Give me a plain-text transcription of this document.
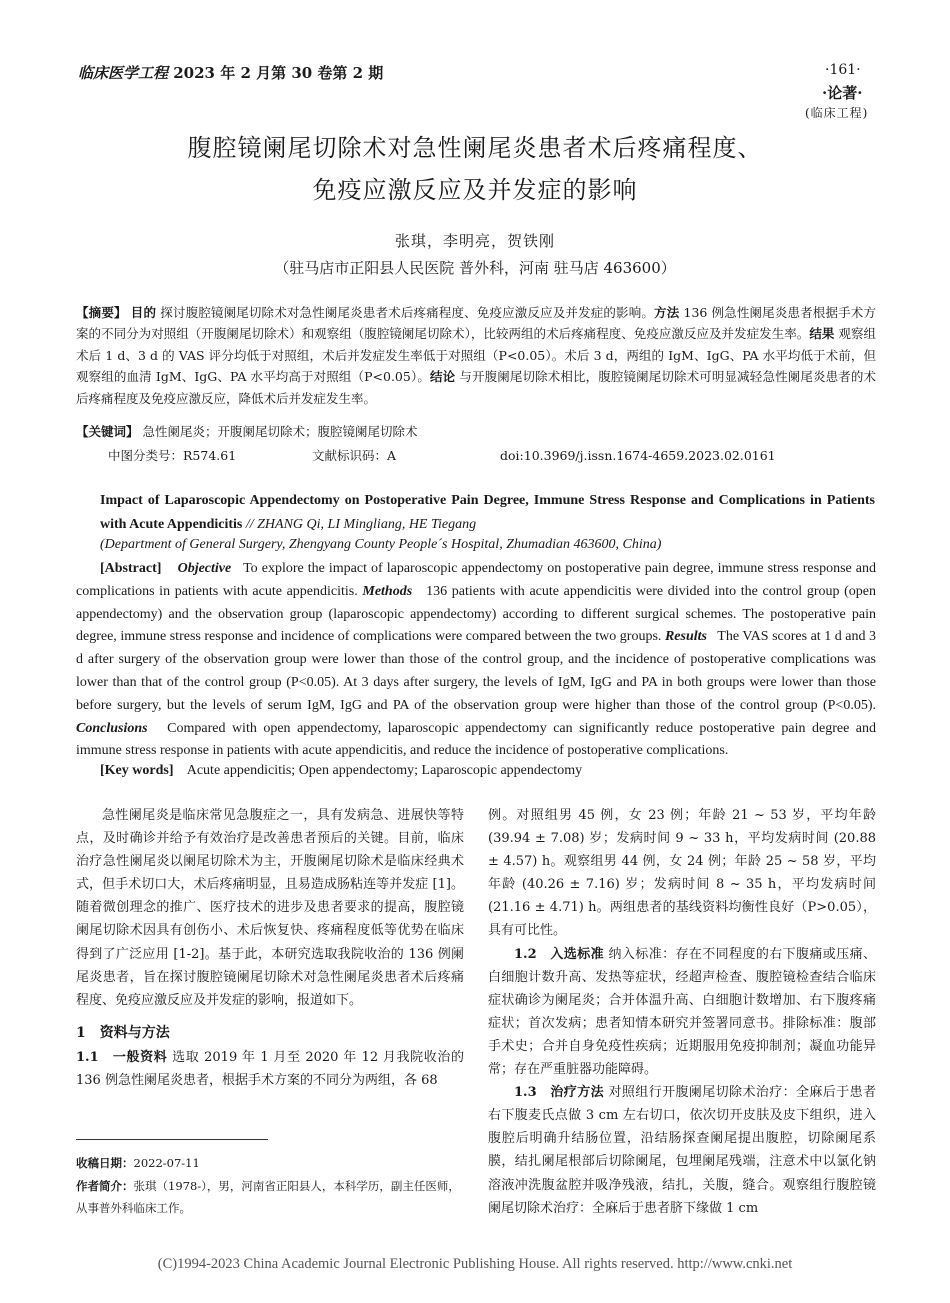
临床医学工程 2023 年 2 月第 30 卷第 2 期	·161·
·论著·
(临床工程)
腹腔镜阑尾切除术对急性阑尾炎患者术后疼痛程度、
免疫应激反应及并发症的影响
张琪，李明亮，贺铁刚
（驻马店市正阳县人民医院 普外科，河南 驻马店 463600）
【摘要】 目的 探讨腹腔镜阑尾切除术对急性阑尾炎患者术后疼痛程度、免疫应激反应及并发症的影响。方法 136 例急性阑尾炎患者根据手术方案的不同分为对照组（开腹阑尾切除术）和观察组（腹腔镜阑尾切除术），比较两组的术后疼痛程度、免疫应激反应及并发症发生率。结果 观察组术后 1 d、3 d 的 VAS 评分均低于对照组，术后并发症发生率低于对照组（P<0.05）。术后 3 d，两组的 IgM、IgG、PA 水平均低于术前，但观察组的血清 IgM、IgG、PA 水平均高于对照组（P<0.05）。结论 与开腹阑尾切除术相比，腹腔镜阑尾切除术可明显减轻急性阑尾炎患者的术后疼痛程度及免疫应激反应，降低术后并发症发生率。
【关键词】 急性阑尾炎；开腹阑尾切除术；腹腔镜阑尾切除术
中图分类号：R574.61	文献标识码：A	doi:10.3969/j.issn.1674-4659.2023.02.0161
Impact of Laparoscopic Appendectomy on Postoperative Pain Degree, Immune Stress Response and Complications in Patients with Acute Appendicitis // ZHANG Qi, LI Mingliang, HE Tiegang
(Department of General Surgery, Zhengyang County People´s Hospital, Zhumadian 463600, China)
[Abstract] Objective To explore the impact of laparoscopic appendectomy on postoperative pain degree, immune stress response and complications in patients with acute appendicitis. Methods 136 patients with acute appendicitis were divided into the control group (open appendectomy) and the observation group (laparoscopic appendectomy) according to different surgical schemes. The postoperative pain degree, immune stress response and incidence of complications were compared between the two groups. Results The VAS scores at 1 d and 3 d after surgery of the observation group were lower than those of the control group, and the incidence of postoperative complications was lower than that of the control group (P<0.05). At 3 days after surgery, the levels of IgM, IgG and PA in both groups were lower than those before surgery, but the levels of serum IgM, IgG and PA of the observation group were higher than those of the control group (P<0.05). Conclusions Compared with open appendectomy, laparoscopic appendectomy can significantly reduce postoperative pain degree and immune stress response in patients with acute appendicitis, and reduce the incidence of postoperative complications.
[Key words] Acute appendicitis; Open appendectomy; Laparoscopic appendectomy

急性阑尾炎是临床常见急腹症之一，具有发病急、进展快等特点，及时确诊并给予有效治疗是改善患者预后的关键。目前，临床治疗急性阑尾炎以阑尾切除术为主，开腹阑尾切除术是临床经典术式，但手术切口大，术后疼痛明显，且易造成肠粘连等并发症 [1]。随着微创理念的推广、医疗技术的进步及患者要求的提高，腹腔镜阑尾切除术因具有创伤小、术后恢复快、疼痛程度低等优势在临床得到了广泛应用 [1-2]。基于此，本研究选取我院收治的 136 例阑尾炎患者，旨在探讨腹腔镜阑尾切除术对急性阑尾炎患者术后疼痛程度、免疫应激反应及并发症的影响，报道如下。

1　资料与方法

1.1　一般资料 选取 2019 年 1 月至 2020 年 12 月我院收治的 136 例急性阑尾炎患者，根据手术方案的不同分为两组，各 68

收稿日期：2022-07-11
作者简介：张琪（1978-），男，河南省正阳县人，本科学历，副主任医师，从事普外科临床工作。

例。对照组男 45 例，女 23 例；年龄 21 ~ 53 岁，平均年龄 (39.94 ± 7.08) 岁；发病时间 9 ~ 33 h，平均发病时间 (20.88 ± 4.57) h。观察组男 44 例，女 24 例；年龄 25 ~ 58 岁，平均年龄 (40.26 ± 7.16) 岁；发病时间 8 ~ 35 h，平均发病时间 (21.16 ± 4.71) h。两组患者的基线资料均衡性良好（P>0.05），具有可比性。

1.2　入选标准 纳入标准：存在不同程度的右下腹痛或压痛、白细胞计数升高、发热等症状，经超声检查、腹腔镜检查结合临床症状确诊为阑尾炎；合并体温升高、白细胞计数增加、右下腹疼痛症状；首次发病；患者知情本研究并签署同意书。排除标准：腹部手术史；合并自身免疫性疾病；近期服用免疫抑制剂；凝血功能异常；存在严重脏器功能障碍。

1.3　治疗方法 对照组行开腹阑尾切除术治疗：全麻后于患者右下腹麦氏点做 3 cm 左右切口，依次切开皮肤及皮下组织，进入腹腔后明确升结肠位置，沿结肠探查阑尾提出腹腔，切除阑尾系膜，结扎阑尾根部后切除阑尾，包埋阑尾残端，注意术中以氯化钠溶液冲洗腹盆腔并吸净残液，结扎，关腹，缝合。观察组行腹腔镜阑尾切除术治疗：全麻后于患者脐下缘做 1 cm

(C)1994-2023 China Academic Journal Electronic Publishing House. All rights reserved. http://www.cnki.net
